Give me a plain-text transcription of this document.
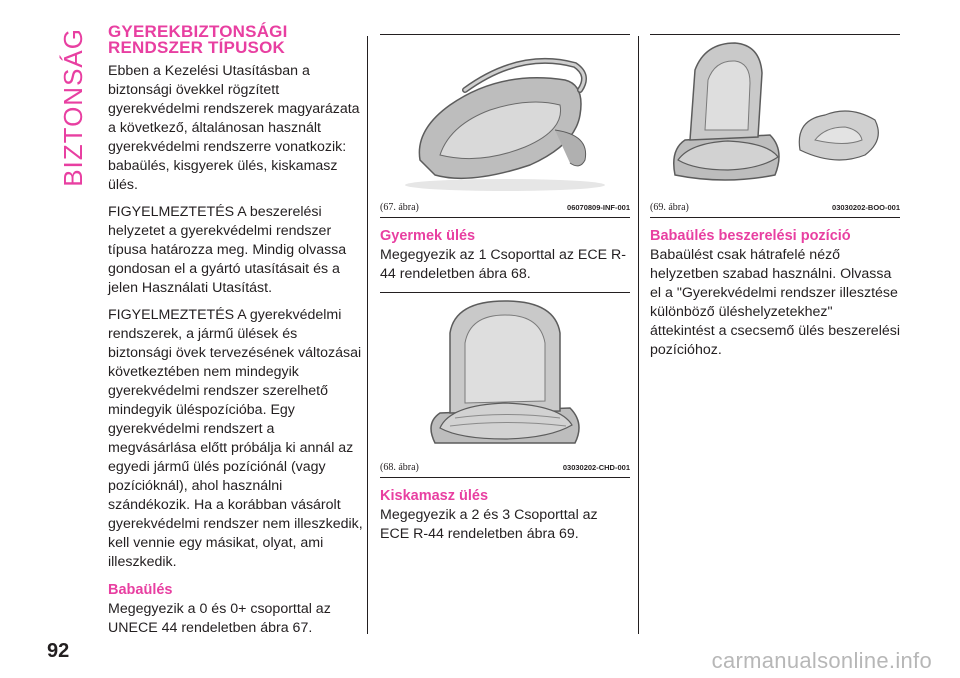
BIZTONSÁG GYEREKBIZTONSÁGI RENDSZER TÍPUSOK

Ebben a Kezelési Utasításban a biztonsági övekkel rögzített gyerekvédelmi rendszerek magyarázata a következő, általánosan használt gyerekvédelmi rendszerre vonatkozik: babaülés, kisgyerek ülés, kiskamasz ülés.

FIGYELMEZTETÉS A beszerelési helyzetet a gyerekvédelmi rendszer típusa határozza meg. Mindig olvassa gondosan el a gyártó utasításait és a jelen Használati Utasítást.

FIGYELMEZTETÉS A gyerekvédelmi rendszerek, a jármű ülések és biztonsági övek tervezésének változásai következtében nem mindegyik gyerekvédelmi rendszer szerelhető mindegyik üléspozícióba. Egy gyerekvédelmi rendszert a megvásárlása előtt próbálja ki annál az egyedi jármű ülés pozíciónál (vagy pozícióknál), ahol használni szándékozik. Ha a korábban vásárolt gyerekvédelmi rendszer nem illeszkedik, kell vennie egy másikat, olyat, ami illeszkedik.

Babaülés

Megegyezik a 0 és 0+ csoporttal az UNECE 44 rendeletben ábra 67.

(67. ábra)	06070809-INF-001
Gyermek ülés

Megegyezik az 1 Csoporttal az ECE R-44 rendeletben ábra 68.

(68. ábra)	03030202-CHD-001
Kiskamasz ülés

Megegyezik a 2 és 3 Csoporttal az ECE R-44 rendeletben ábra 69.

(69. ábra)	03030202-BOO-001
Babaülés beszerelési pozíció

Babaülést csak hátrafelé néző helyzetben szabad használni. Olvassa el a "Gyerekvédelmi rendszer illesztése különböző üléshelyzetekhez" áttekintést a csecsemő ülés beszerelési pozícióhoz.

92	carmanualsonline.info
